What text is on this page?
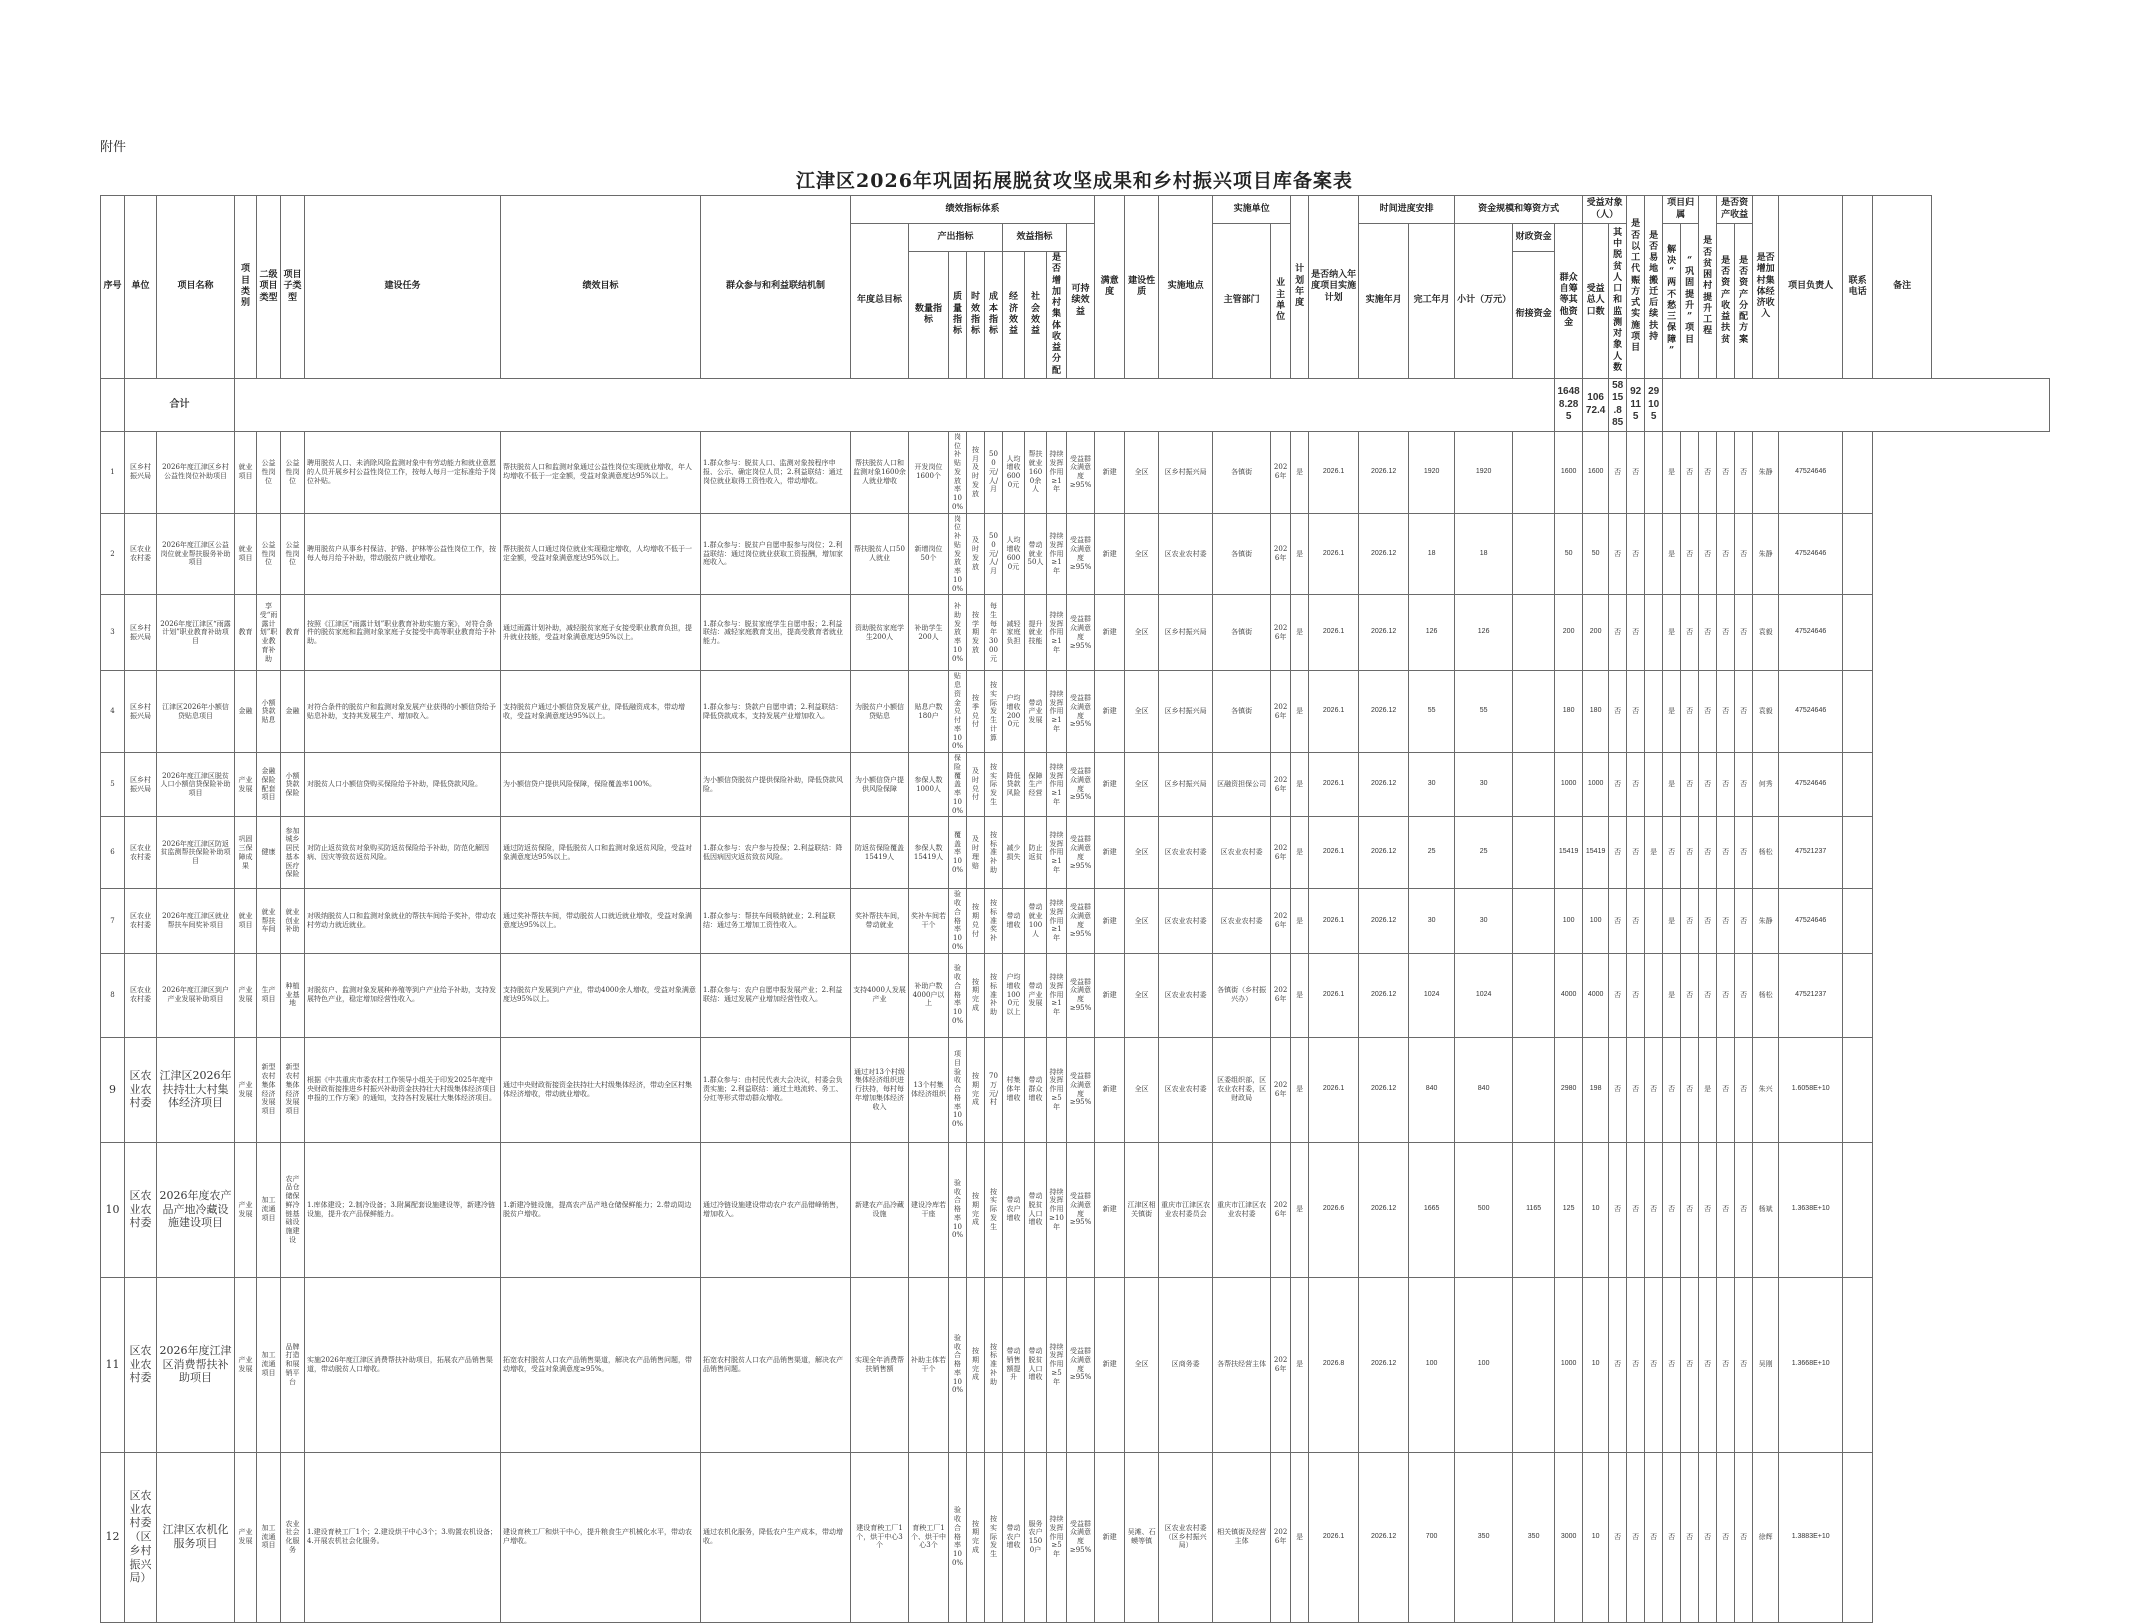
附件
江津区2026年巩固拓展脱贫攻坚成果和乡村振兴项目库备案表
序号	单位	项目名称	项目类别	二级项目类型	项目子类型	建设任务	绩效目标	群众参与和利益联结机制	绩效指标体系									满意度	建设性质	实施地点	实施单位		计划年度	是否纳入年度项目实施计划	时间进度安排		资金规模和筹资方式			受益对象（人）		是否以工代赈方式实施项目	是否易地搬迁后续扶持	项目归属		是否贫困村提升工程	是否资产收益		是否增加村集体经济收入	项目负责人	联系电话	备注
									年度总目标	产出指标				效益指标			可持续效益				主管部门	业主单位			实施年月	完工年月	小计（万元）	财政资金	群众自筹等其他资金	受益总人口数	其中脱贫人口和监测对象人数			解决“两不愁三保障”	“巩固提升”项目		是否资产收益扶贫	是否资产分配方案				
										数量指标	质量指标	时效指标	成本指标	经济效益	社会效益	是否增加村集体收益分配												衔接资金														
	合计																												16488.285	10672.4	5815.885	92115	29105									
1	区乡村振兴局	2026年度江津区乡村公益性岗位补助项目	就业项目	公益性岗位	公益性岗位	聘用脱贫人口、未消除风险监测对象中有劳动能力和就业意愿的人员开展乡村公益性岗位工作，按每人每月一定标准给予岗位补贴。	帮扶脱贫人口和监测对象通过公益性岗位实现就业增收，年人均增收不低于一定金额，受益对象满意度达95%以上。	1.群众参与：脱贫人口、监测对象按程序申报、公示、确定岗位人员；2.利益联结：通过岗位就业取得工资性收入，带动增收。	帮扶脱贫人口和监测对象1600余人就业增收	开发岗位1600个	岗位补贴发放率100%	按月及时发放	500元/人/月	人均增收6000元	帮扶就业1600余人	持续发挥作用≥1年	受益群众满意度≥95%	新建	全区	区乡村振兴局	各镇街	2026年	是	2026.1	2026.12	1920	1920		1600	1600	否	否		是	否	否	否	否	朱静	47524646		
2	区农业农村委	2026年度江津区公益岗位就业帮扶服务补助项目	就业项目	公益性岗位	公益性岗位	聘用脱贫户从事乡村保洁、护路、护林等公益性岗位工作，按每人每月给予补助，带动脱贫户就业增收。	帮扶脱贫人口通过岗位就业实现稳定增收，人均增收不低于一定金额，受益对象满意度达95%以上。	1.群众参与：脱贫户自愿申报参与岗位；2.利益联结：通过岗位就业获取工资报酬，增加家庭收入。	帮扶脱贫人口50人就业	新增岗位50个	岗位补贴发放率100%	及时发放	500元/人/月	人均增收6000元	带动就业50人	持续发挥作用≥1年	受益群众满意度≥95%	新建	全区	区农业农村委	各镇街	2026年	是	2026.1	2026.12	18	18		50	50	否	否		是	否	否	否	否	朱静	47524646		
3	区乡村振兴局	2026年度江津区“雨露计划”职业教育补助项目	教育	享受“雨露计划”职业教育补助	教育	按照《江津区“雨露计划”职业教育补助实施方案》，对符合条件的脱贫家庭和监测对象家庭子女接受中高等职业教育给予补助。	通过雨露计划补助，减轻脱贫家庭子女接受职业教育负担，提升就业技能，受益对象满意度达95%以上。	1.群众参与：脱贫家庭学生自愿申报；2.利益联结：减轻家庭教育支出，提高受教育者就业能力。	资助脱贫家庭学生200人	补助学生200人	补助发放率100%	按学期发放	每生每年3000元	减轻家庭负担	提升就业技能	持续发挥作用≥1年	受益群众满意度≥95%	新建	全区	区乡村振兴局	各镇街	2026年	是	2026.1	2026.12	126	126		200	200	否	否		是	否	否	否	否	袁毅	47524646		
4	区乡村振兴局	江津区2026年小额信贷贴息项目	金融	小额贷款贴息	金融	对符合条件的脱贫户和监测对象发展产业获得的小额信贷给予贴息补助，支持其发展生产、增加收入。	支持脱贫户通过小额信贷发展产业，降低融资成本，带动增收，受益对象满意度达95%以上。	1.群众参与：贷款户自愿申请；2.利益联结：降低贷款成本，支持发展产业增加收入。	为脱贫户小额信贷贴息	贴息户数180户	贴息资金兑付率100%	按季兑付	按实际发生计算	户均增收2000元	带动产业发展	持续发挥作用≥1年	受益群众满意度≥95%	新建	全区	区乡村振兴局	各镇街	2026年	是	2026.1	2026.12	55	55		180	180	否	否		是	否	否	否	否	袁毅	47524646		
5	区乡村振兴局	2026年度江津区脱贫人口小额信贷保险补助项目	产业发展	金融保险配套项目	小额贷款保险	对脱贫人口小额信贷购买保险给予补助，降低贷款风险。	为小额信贷户提供风险保障，保险覆盖率100%。	为小额信贷脱贫户提供保险补助，降低贷款风险。	为小额信贷户提供风险保障	参保人数1000人	保险覆盖率100%	及时兑付	按实际发生	降低贷款风险	保障生产经营	持续发挥作用≥1年	受益群众满意度≥95%	新建	全区	区乡村振兴局	区融资担保公司	2026年	是	2026.1	2026.12	30	30		1000	1000	否	否		是	否	否	否	否	何秀	47524646		
6	区农业农村委	2026年度江津区防返贫监测帮扶保险补助项目	巩固三保障成果	健康	参加城乡居民基本医疗保险	对防止返贫致贫对象购买防返贫保险给予补助，防范化解因病、因灾等致贫返贫风险。	通过防返贫保险，降低脱贫人口和监测对象返贫风险，受益对象满意度达95%以上。	1.群众参与：农户参与投保；2.利益联结：降低因病因灾返贫致贫风险。	防返贫保险覆盖15419人	参保人数15419人	覆盖率100%	及时理赔	按标准补助	减少损失	防止返贫	持续发挥作用≥1年	受益群众满意度≥95%	新建	全区	区农业农村委	区农业农村委	2026年	是	2026.1	2026.12	25	25		15419	15419	否	否	是	否	否	否	否	否	杨松	47521237		
7	区农业农村委	2026年度江津区就业帮扶车间奖补项目	就业项目	就业帮扶车间	就业创业补助	对吸纳脱贫人口和监测对象就业的帮扶车间给予奖补，带动农村劳动力就近就业。	通过奖补帮扶车间，带动脱贫人口就近就业增收，受益对象满意度达95%以上。	1.群众参与：帮扶车间吸纳就业；2.利益联结：通过务工增加工资性收入。	奖补帮扶车间，带动就业	奖补车间若干个	验收合格率100%	按期兑付	按标准奖补	带动增收	带动就业100人	持续发挥作用≥1年	受益群众满意度≥95%	新建	全区	区农业农村委	区农业农村委	2026年	是	2026.1	2026.12	30	30		100	100	否	否		是	否	否	否	否	朱静	47524646		
8	区农业农村委	2026年度江津区到户产业发展补助项目	产业发展	生产项目	种植业基地	对脱贫户、监测对象发展种养殖等到户产业给予补助，支持发展特色产业，稳定增加经营性收入。	支持脱贫户发展到户产业，带动4000余人增收，受益对象满意度达95%以上。	1.群众参与：农户自愿申报发展产业；2.利益联结：通过发展产业增加经营性收入。	支持4000人发展产业	补助户数4000户以上	验收合格率100%	按期完成	按标准补助	户均增收1000元以上	带动产业发展	持续发挥作用≥1年	受益群众满意度≥95%	新建	全区	区农业农村委	各镇街（乡村振兴办）	2026年	是	2026.1	2026.12	1024	1024		4000	4000	否	否		是	否	否	否	否	杨松	47521237		
9	区农业农村委	江津区2026年扶持壮大村集体经济项目	产业发展	新型农村集体经济发展项目	新型农村集体经济发展项目	根据《中共重庆市委农村工作领导小组关于印发2025年度中央财政衔接推进乡村振兴补助资金扶持壮大村级集体经济项目申报的工作方案》的通知，支持各村发展壮大集体经济项目。	通过中央财政衔接资金扶持壮大村级集体经济，带动全区村集体经济增收，带动就业增收。	1.群众参与：由村民代表大会决议，村委会负责实施；2.利益联结：通过土地流转、务工、分红等形式带动群众增收。	通过对13个村级集体经济组织进行扶持，每村每年增加集体经济收入	13个村集体经济组织	项目验收合格率100%	按期完成	70万元/村	村集体年增收	带动群众增收	持续发挥作用≥5年	受益群众满意度≥95%	新建	全区	区农业农村委	区委组织部，区农业农村委，区财政局	2026年	是	2026.1	2026.12	840	840		2980	198	否	否	否	否	否	是	否	否	朱兴	1.6058E+10		
10	区农业农村委	2026年度农产品产地冷藏设施建设项目	产业发展	加工流通项目	农产品仓储保鲜冷链基础设施建设	1.库体建设；2.制冷设备；3.附属配套设施建设等，新建冷链设施，提升农产品保鲜能力。	1.新建冷链设施，提高农产品产地仓储保鲜能力；2.带动周边脱贫户增收。	通过冷链设施建设带动农户农产品错峰销售，增加收入。	新建农产品冷藏设施	建设冷库若干座	验收合格率100%	按期完成	按实际发生	带动农户增收	带动脱贫人口增收	持续发挥作用≥10年	受益群众满意度≥95%	新建	江津区相关镇街	重庆市江津区农业农村委员会	重庆市江津区农业农村委	2026年	是	2026.6	2026.12	1665	500	1165	125	10	否	否	否	否	否	否	否	否	杨斌	1.3638E+10		
11	区农业农村委	2026年度江津区消费帮扶补助项目	产业发展	加工流通项目	品牌打造和展销平台	实施2026年度江津区消费帮扶补助项目，拓展农产品销售渠道，带动脱贫人口增收。	拓宽农村脱贫人口农产品销售渠道，解决农产品销售问题，带动增收，受益对象满意度≥95%。	拓宽农村脱贫人口农产品销售渠道，解决农产品销售问题。	实现全年消费帮扶销售额	补助主体若干个	验收合格率100%	按期完成	按标准补助	带动销售额提升	带动脱贫人口增收	持续发挥作用≥5年	受益群众满意度≥95%	新建	全区	区商务委	各帮扶经营主体	2026年	是	2026.8	2026.12	100	100		1000	10	否	否	否	否	否	否	否	否	吴刚	1.3668E+10		
12	区农业农村委（区乡村振兴局）	江津区农机化服务项目	产业发展	加工流通项目	农业社会化服务	1.建设育秧工厂1个；2.建设烘干中心3个；3.购置农机设备；4.开展农机社会化服务。	建设育秧工厂和烘干中心，提升粮食生产机械化水平，带动农户增收。	通过农机化服务，降低农户生产成本，带动增收。	建设育秧工厂1个，烘干中心3个	育秧工厂1个、烘干中心3个	验收合格率100%	按期完成	按实际发生	带动农户增收	服务农户1500户	持续发挥作用≥5年	受益群众满意度≥95%	新建	吴滩、石蟆等镇	区农业农村委（区乡村振兴局）	相关镇街及经营主体	2026年	是	2026.1	2026.12	700	350	350	3000	10	否	否	否	否	否	否	否	否	徐辉	1.3883E+10		
